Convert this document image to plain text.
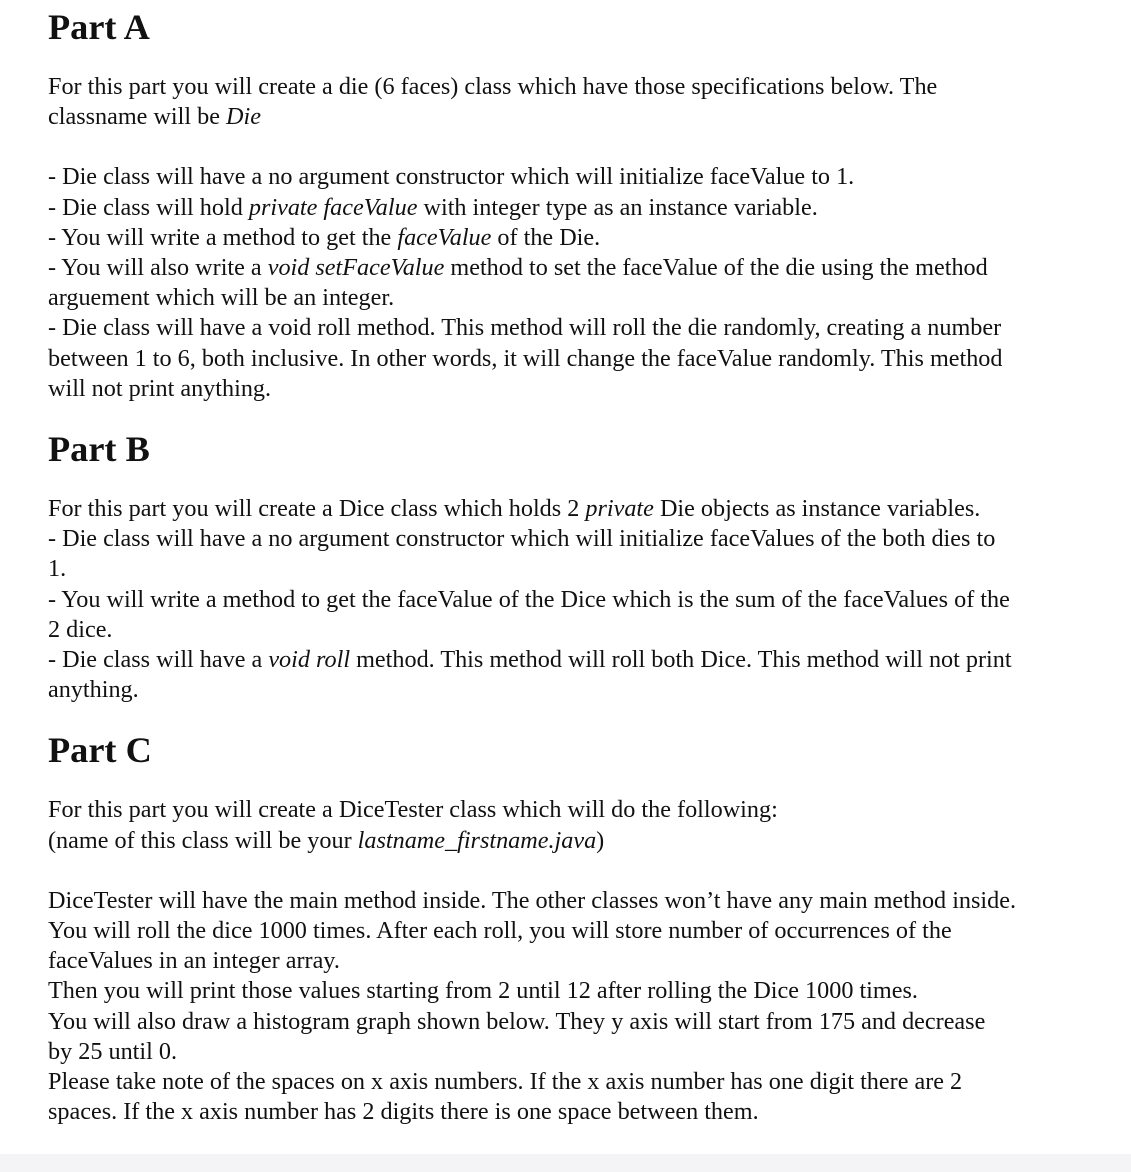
Part A

For this part you will create a die (6 faces) class which have those specifications below. The
classname will be Die

- Die class will have a no argument constructor which will initialize faceValue to 1.
- Die class will hold private faceValue with integer type as an instance variable.
- You will write a method to get the faceValue of the Die.
- You will also write a void setFaceValue method to set the faceValue of the die using the method
arguement which will be an integer.
- Die class will have a void roll method. This method will roll the die randomly, creating a number
between 1 to 6, both inclusive. In other words, it will change the faceValue randomly. This method
will not print anything.

Part B

For this part you will create a Dice class which holds 2 private Die objects as instance variables.
- Die class will have a no argument constructor which will initialize faceValues of the both dies to
1.
- You will write a method to get the faceValue of the Dice which is the sum of the faceValues of the
2 dice.
- Die class will have a void roll method. This method will roll both Dice. This method will not print
anything.

Part C

For this part you will create a DiceTester class which will do the following:
(name of this class will be your lastname_firstname.java)

DiceTester will have the main method inside. The other classes won’t have any main method inside.
You will roll the dice 1000 times. After each roll, you will store number of occurrences of the
faceValues in an integer array.
Then you will print those values starting from 2 until 12 after rolling the Dice 1000 times.
You will also draw a histogram graph shown below. They y axis will start from 175 and decrease
by 25 until 0.
Please take note of the spaces on x axis numbers. If the x axis number has one digit there are 2
spaces. If the x axis number has 2 digits there is one space between them.
